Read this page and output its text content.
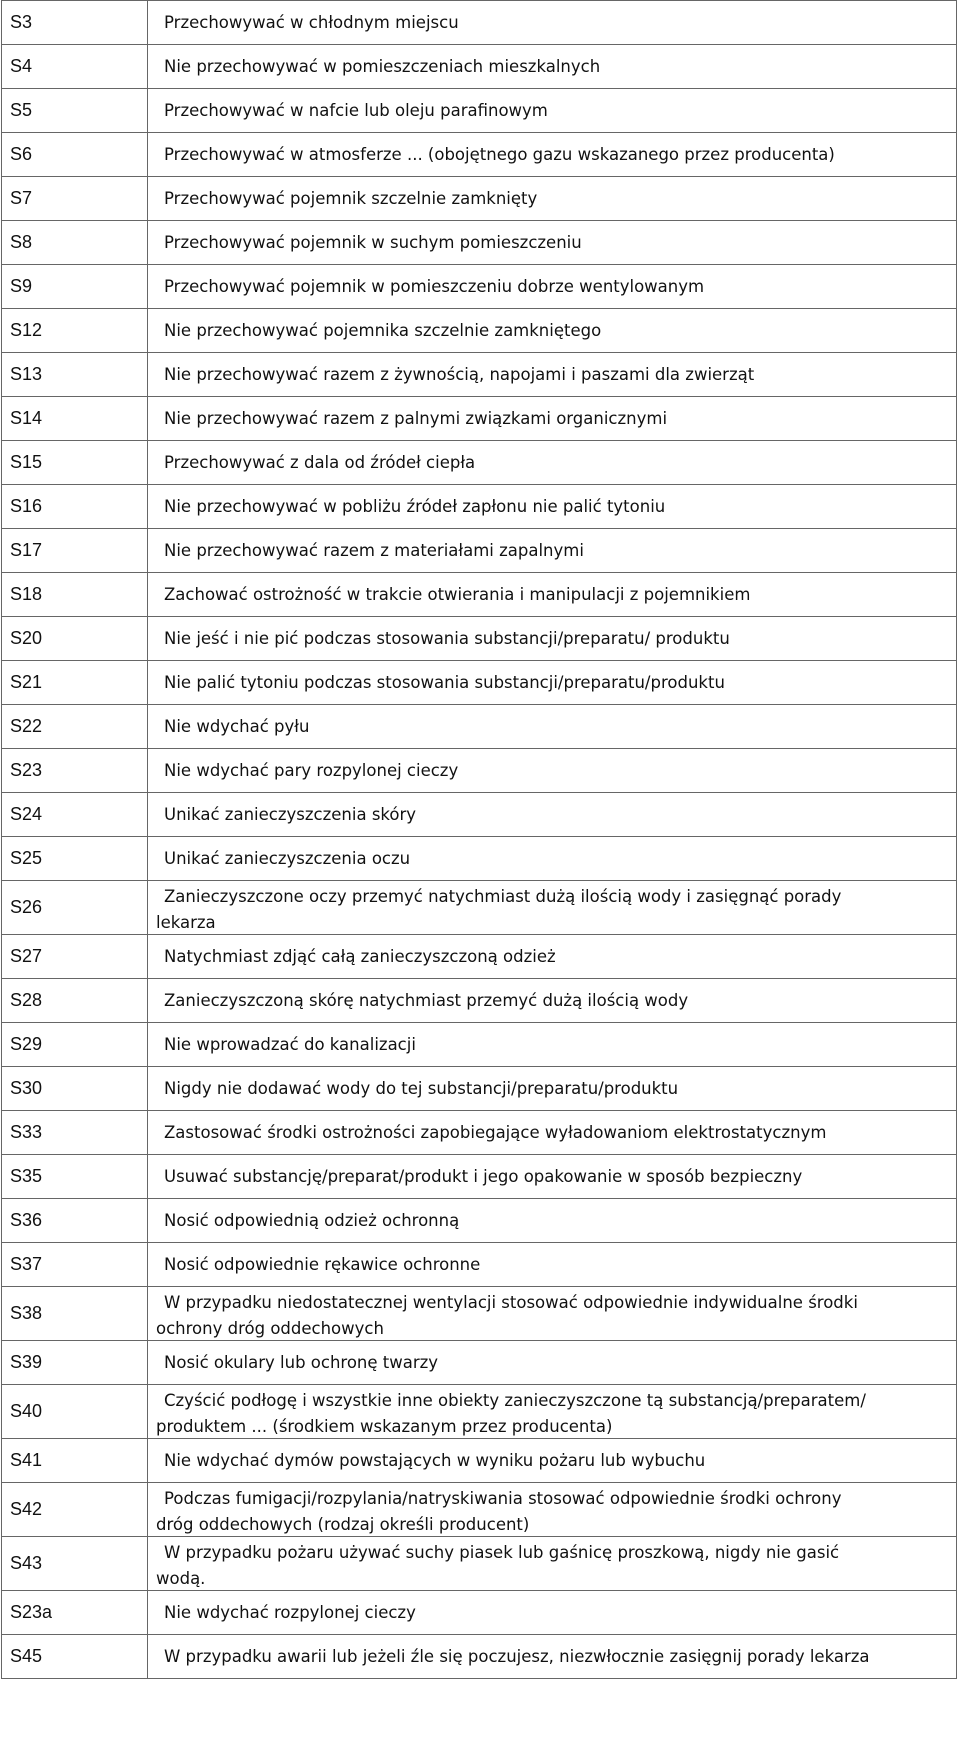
S3	Przechowywać w chłodnym miejscu
S4	Nie przechowywać w pomieszczeniach mieszkalnych
S5	Przechowywać w nafcie lub oleju parafinowym
S6	Przechowywać w atmosferze ... (obojętnego gazu wskazanego przez producenta)
S7	Przechowywać pojemnik szczelnie zamknięty
S8	Przechowywać pojemnik w suchym pomieszczeniu
S9	Przechowywać pojemnik w pomieszczeniu dobrze wentylowanym
S12	Nie przechowywać pojemnika szczelnie zamkniętego
S13	Nie przechowywać razem z żywnością, napojami i paszami dla zwierząt
S14	Nie przechowywać razem z palnymi związkami organicznymi
S15	Przechowywać z dala od źródeł ciepła
S16	Nie przechowywać w pobliżu źródeł zapłonu nie palić tytoniu
S17	Nie przechowywać razem z materiałami zapalnymi
S18	Zachować ostrożność w trakcie otwierania i manipulacji z pojemnikiem
S20	Nie jeść i nie pić podczas stosowania substancji/preparatu/ produktu
S21	Nie palić tytoniu podczas stosowania substancji/preparatu/produktu
S22	Nie wdychać pyłu
S23	Nie wdychać pary rozpylonej cieczy
S24	Unikać zanieczyszczenia skóry
S25	Unikać zanieczyszczenia oczu
S26	Zanieczyszczone oczy przemyć natychmiast dużą ilością wody i zasięgnąć porady
lekarza

S27	Natychmiast zdjąć całą zanieczyszczoną odzież
S28	Zanieczyszczoną skórę natychmiast przemyć dużą ilością wody
S29	Nie wprowadzać do kanalizacji
S30	Nigdy nie dodawać wody do tej substancji/preparatu/produktu
S33	Zastosować środki ostrożności zapobiegające wyładowaniom elektrostatycznym
S35	Usuwać substancję/preparat/produkt i jego opakowanie w sposób bezpieczny
S36	Nosić odpowiednią odzież ochronną
S37	Nosić odpowiednie rękawice ochronne
S38	W przypadku niedostatecznej wentylacji stosować odpowiednie indywidualne środki
ochrony dróg oddechowych

S39	Nosić okulary lub ochronę twarzy
S40	Czyścić podłogę i wszystkie inne obiekty zanieczyszczone tą substancją/preparatem/
produktem ... (środkiem wskazanym przez producenta)

S41	Nie wdychać dymów powstających w wyniku pożaru lub wybuchu
S42	Podczas fumigacji/rozpylania/natryskiwania stosować odpowiednie środki ochrony
dróg oddechowych (rodzaj określi producent)

S43	W przypadku pożaru używać suchy piasek lub gaśnicę proszkową, nigdy nie gasić
wodą.

S23a	Nie wdychać rozpylonej cieczy
S45	W przypadku awarii lub jeżeli źle się poczujesz, niezwłocznie zasięgnij porady lekarza
